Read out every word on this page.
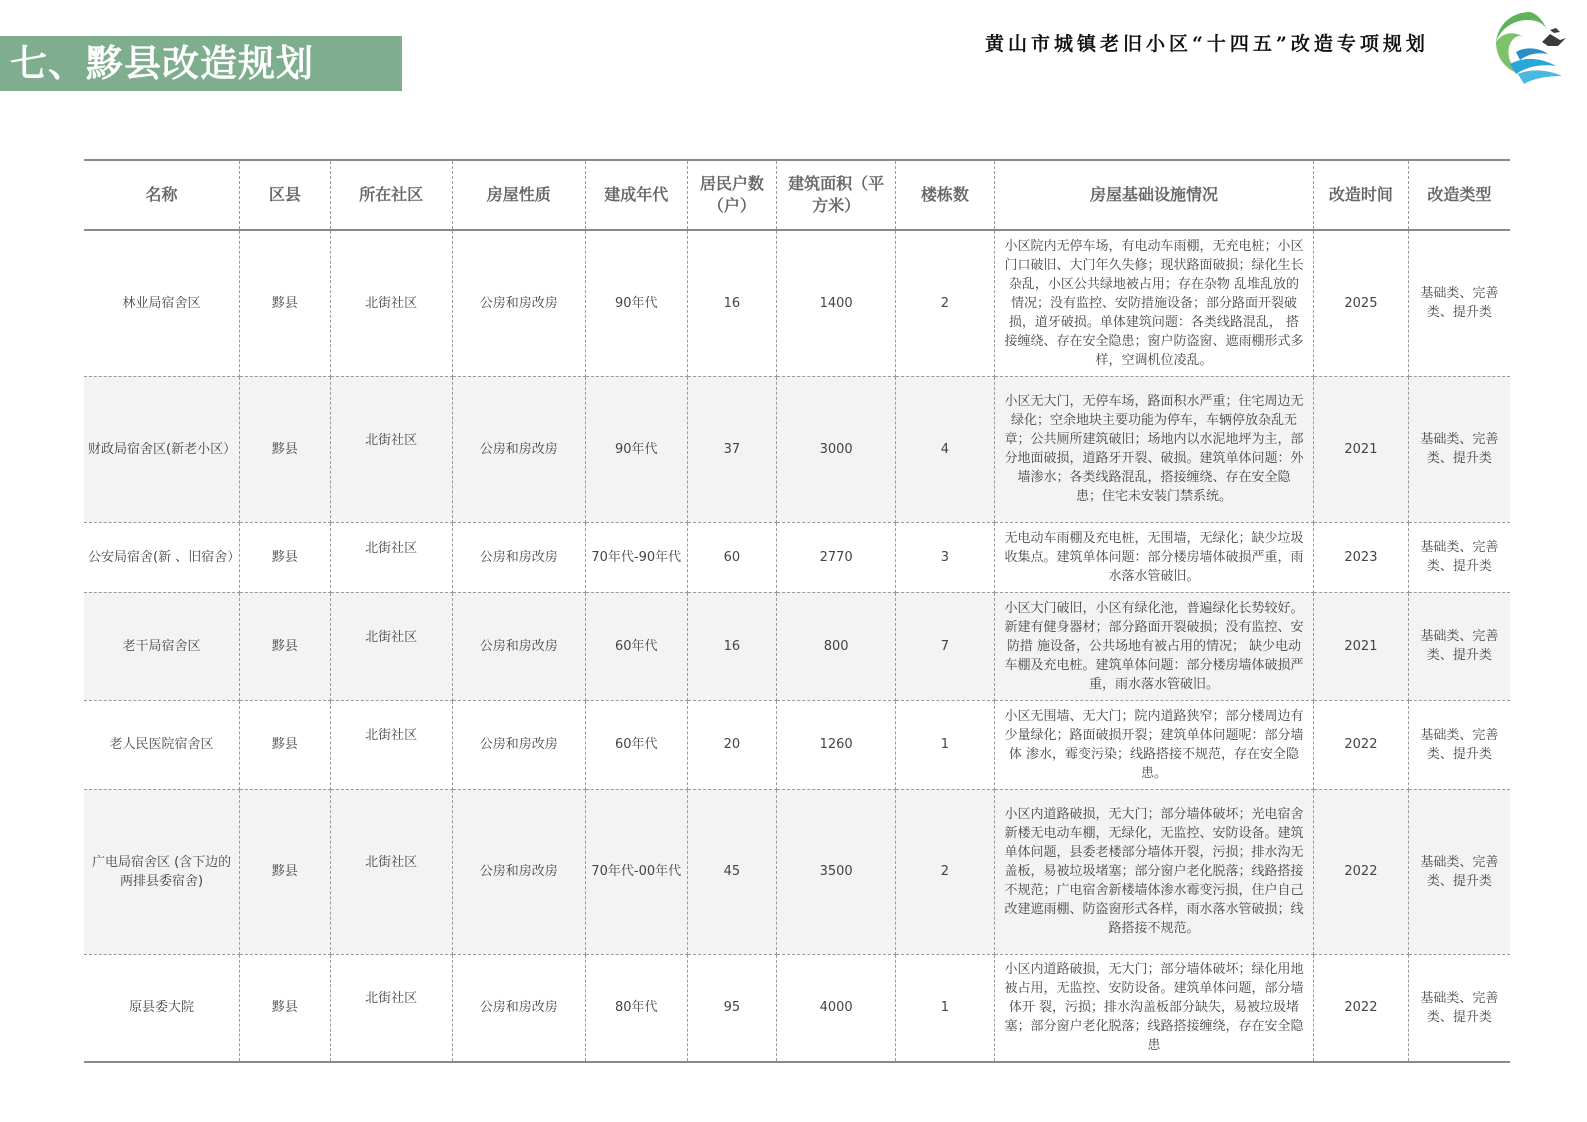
七、黟县改造规划	黄山市城镇老旧小区“十四五”改造专项规划
名称	区县	所在社区	房屋性质	建成年代	居民户数（户）	建筑面积（平方米）	楼栋数	房屋基础设施情况	改造时间	改造类型
林业局宿舍区	黟县	北街社区	公房和房改房	90年代	16	1400	2	小区院内无停车场，有电动车雨棚，无充电桩；小区门口破旧、大门年久失修；现状路面破损；绿化生长杂乱，小区公共绿地被占用；存在杂物 乱堆乱放的情况；没有监控、安防措施设备；部分路面开裂破损，道牙破损。单体建筑问题：各类线路混乱， 搭接缠绕、存在安全隐患；窗户防盗窗、遮雨棚形式多样，空调机位凌乱。	2025	基础类、完善类、提升类
财政局宿舍区(新老小区）	黟县	北街社区	公房和房改房	90年代	37	3000	4	小区无大门，无停车场，路面积水严重；住宅周边无绿化；空余地块主要功能为停车，车辆停放杂乱无章；公共厕所建筑破旧；场地内以水泥地坪为主，部分地面破损，道路牙开裂、破损。建筑单体问题：外墙渗水；各类线路混乱，搭接缠绕、存在安全隐 患；住宅未安装门禁系统。	2021	基础类、完善类、提升类
公安局宿舍(新 、旧宿舍）	黟县	北街社区	公房和房改房	70年代-90年代	60	2770	3	无电动车雨棚及充电桩，无围墙，无绿化；缺少垃圾收集点。建筑单体问题：部分楼房墙体破损严重，雨水落水管破旧。	2023	基础类、完善类、提升类
老干局宿舍区	黟县	北街社区	公房和房改房	60年代	16	800	7	小区大门破旧，小区有绿化池，普遍绿化长势较好。新建有健身器材；部分路面开裂破损；没有监控、安防措 施设备，公共场地有被占用的情况； 缺少电动车棚及充电桩。建筑单体问题：部分楼房墙体破损严重，雨水落水管破旧。	2021	基础类、完善类、提升类
老人民医院宿舍区	黟县	北街社区	公房和房改房	60年代	20	1260	1	小区无围墙、无大门；院内道路狭窄；部分楼周边有少量绿化；路面破损开裂；建筑单体问题呢：部分墙体 渗水，霉变污染；线路搭接不规范，存在安全隐患。	2022	基础类、完善类、提升类
广电局宿舍区 (含下边的两排县委宿舍)	黟县	北街社区	公房和房改房	70年代-00年代	45	3500	2	小区内道路破损，无大门；部分墙体破坏；光电宿舍新楼无电动车棚，无绿化，无监控、安防设备。建筑单体问题，县委老楼部分墙体开裂，污损；排水沟无盖板，易被垃圾堵塞；部分窗户老化脱落；线路搭接不规范；广电宿舍新楼墙体渗水霉变污损，住户自己改建遮雨棚、防盗窗形式各样，雨水落水管破损；线路搭接不规范。	2022	基础类、完善类、提升类
原县委大院	黟县	北街社区	公房和房改房	80年代	95	4000	1	小区内道路破损，无大门；部分墙体破坏；绿化用地被占用，无监控、安防设备。建筑单体问题，部分墙体开 裂，污损；排水沟盖板部分缺失，易被垃圾堵塞；部分窗户老化脱落；线路搭接缠绕，存在安全隐患	2022	基础类、完善类、提升类
